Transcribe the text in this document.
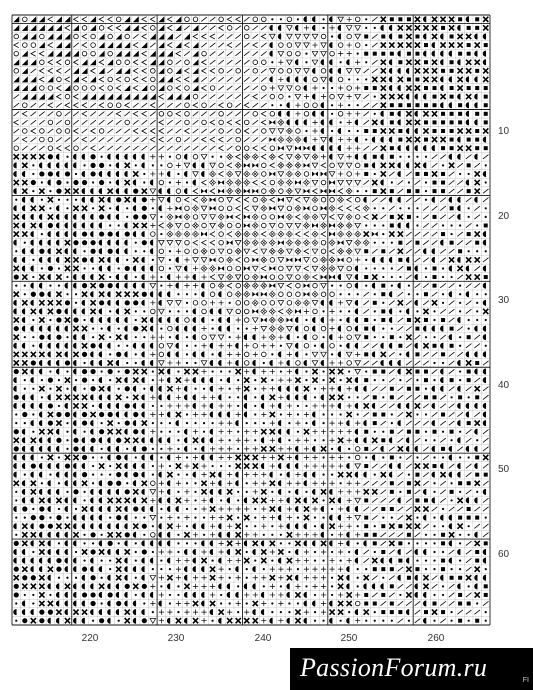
10
20
30
40
50
60
220	230	240	250	260
PassionForum.ru	FI
